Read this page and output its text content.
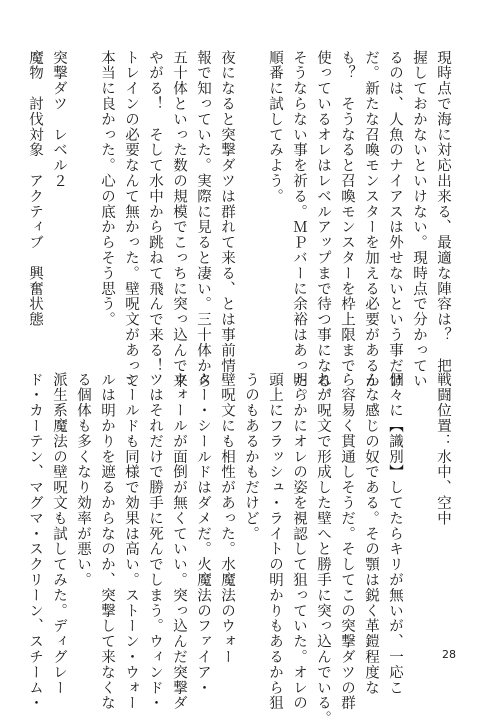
現時点で海に対応出来る、最適な陣容は？　把
握しておかないといけない。現時点で分かってい
るのは、人魚のナイアスは外せないという事だけ
だ。新たな召喚モンスターを加える必要があるか
も？　そうなると召喚モンスターを枠上限まで
使っているオレはレベルアップまで待つ事になる。
そうならない事を祈る。ＭＰバーに余裕はあった。
順番に試してみよう。

夜になると突撃ダツは群れて来る、とは事前情
報で知っていた。実際に見ると凄い。三十体から
五十体といった数の規模でこっちに突っ込んで来
やがる！　そして水中から跳ねて飛んで来る！
トレインの必要なんて無かった。壁呪文があって
本当に良かった。心の底からそう思う。

突撃ダツ　レベル２
魔物　討伐対象　アクティブ　興奮状態
戦闘位置：水中、空中

個々に【識別】してたらキリが無いが、一応こ
んな感じの奴である。その顎は鋭く革鎧程度な
ら容易く貫通しそうだ。そしてこの突撃ダツの群
れが呪文で形成した壁へと勝手に突っ込んでいる。
明らかにオレの姿を視認して狙っていた。オレの
頭上にフラッシュ・ライトの明かりもあるから狙
うのもあるかもだけど。
壁呪文にも相性があった。水魔法のウォー
ター・シールドはダメだ。火魔法のファイア・
ウォールが面倒が無くていい。突っ込んだ突撃ダ
ツはそれだけで勝手に死んでしまう。ウィンド・
シールドも同様で効果は高い。ストーン・ウォー
ルは明かりを遮るからなのか、突撃して来なくな
る個体も多くなり効率が悪い。
派生系魔法の壁呪文も試してみた。ディグレー
ド・カーテン、マグマ・スクリーン、スチーム・	28
